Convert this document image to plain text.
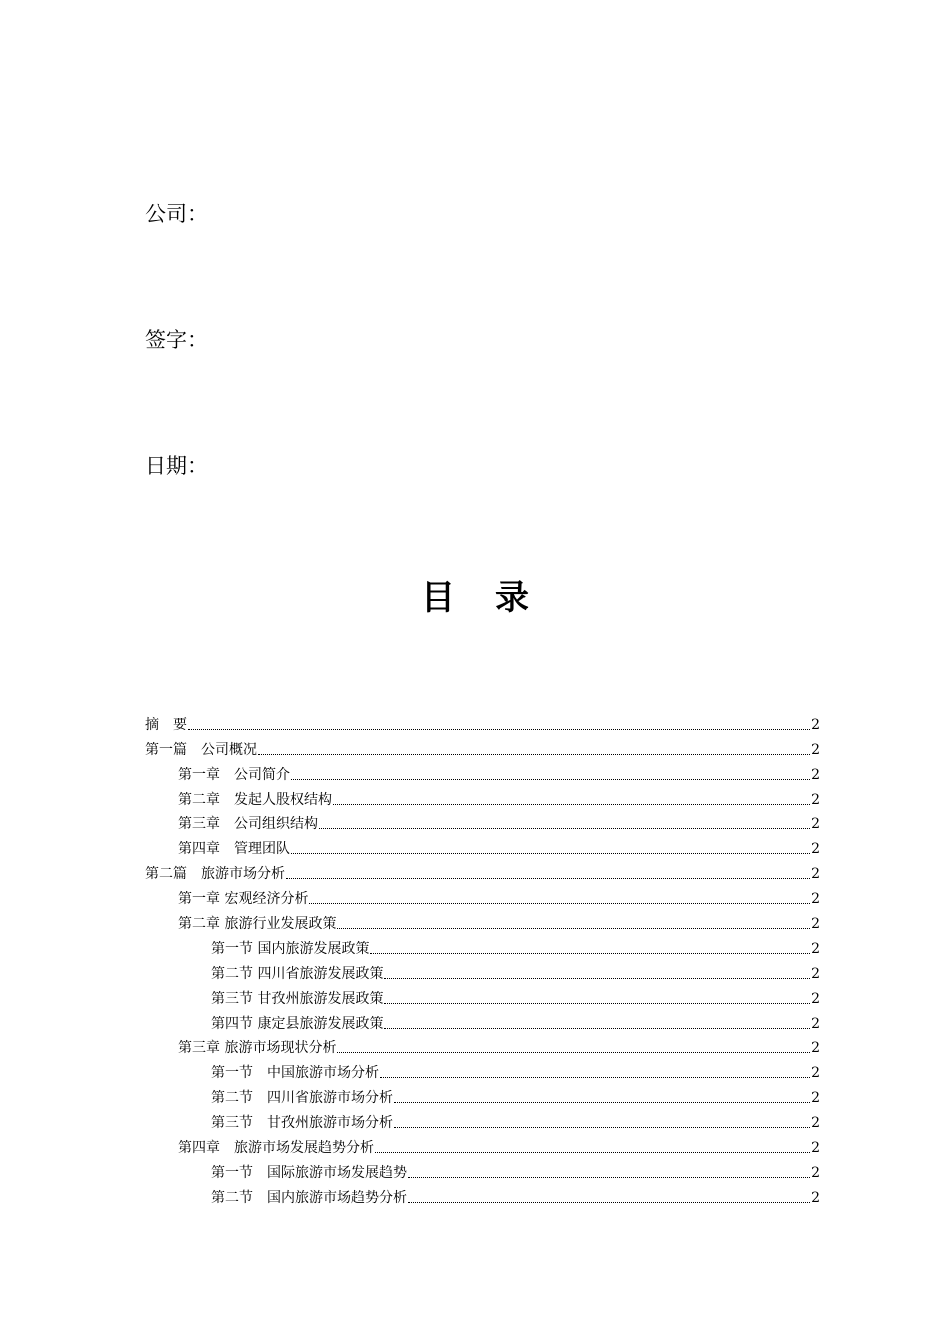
公司：
签字：
日期：
目录
摘　要	2
第一篇　公司概况	2
第一章　公司简介	2
第二章　发起人股权结构	2
第三章　公司组织结构	2
第四章　管理团队	2
第二篇　旅游市场分析	2
第一章 宏观经济分析	2
第二章 旅游行业发展政策	2
第一节 国内旅游发展政策	2
第二节 四川省旅游发展政策	2
第三节 甘孜州旅游发展政策	2
第四节 康定县旅游发展政策	2
第三章 旅游市场现状分析	2
第一节　中国旅游市场分析	2
第二节　四川省旅游市场分析	2
第三节　甘孜州旅游市场分析	2
第四章　旅游市场发展趋势分析	2
第一节　国际旅游市场发展趋势	2
第二节　国内旅游市场趋势分析	2
